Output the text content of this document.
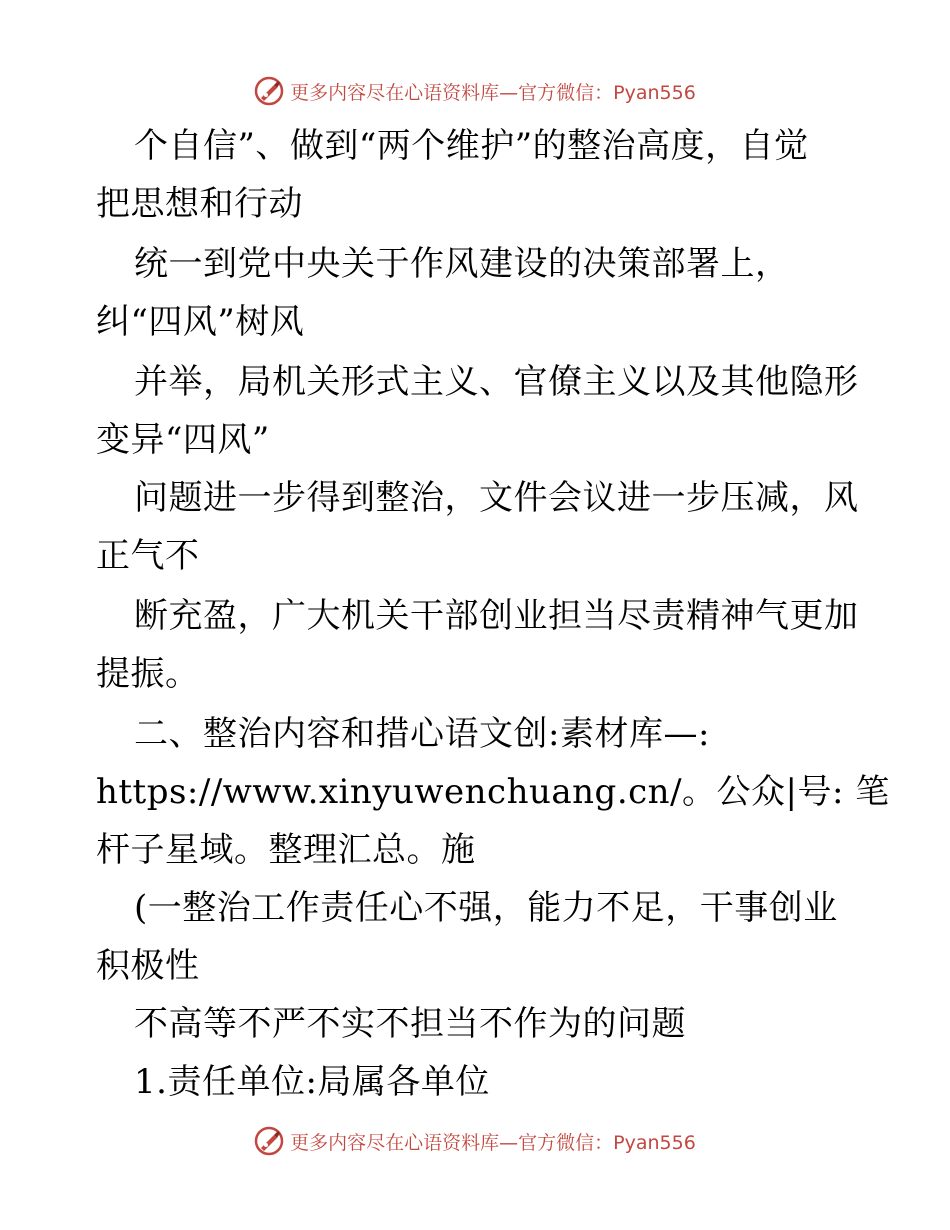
更多内容尽在心语资料库—官方微信：Pyan556
个自信”、做到“两个维护”的整治高度，自觉
把思想和行动
统一到党中央关于作风建设的决策部署上，
纠“四风”树风
并举，局机关形式主义、官僚主义以及其他隐形
变异“四风”
问题进一步得到整治，文件会议进一步压减，风
正气不
断充盈，广大机关干部创业担当尽责精神气更加
提振。
二、整治内容和措心语文创:素材库—:
https://www.xinyuwenchuang.cn/。公众|号: 笔
杆子星域。整理汇总。施
(一整治工作责任心不强，能力不足，干事创业
积极性
不高等不严不实不担当不作为的问题
1.责任单位:局属各单位
更多内容尽在心语资料库—官方微信：Pyan556
